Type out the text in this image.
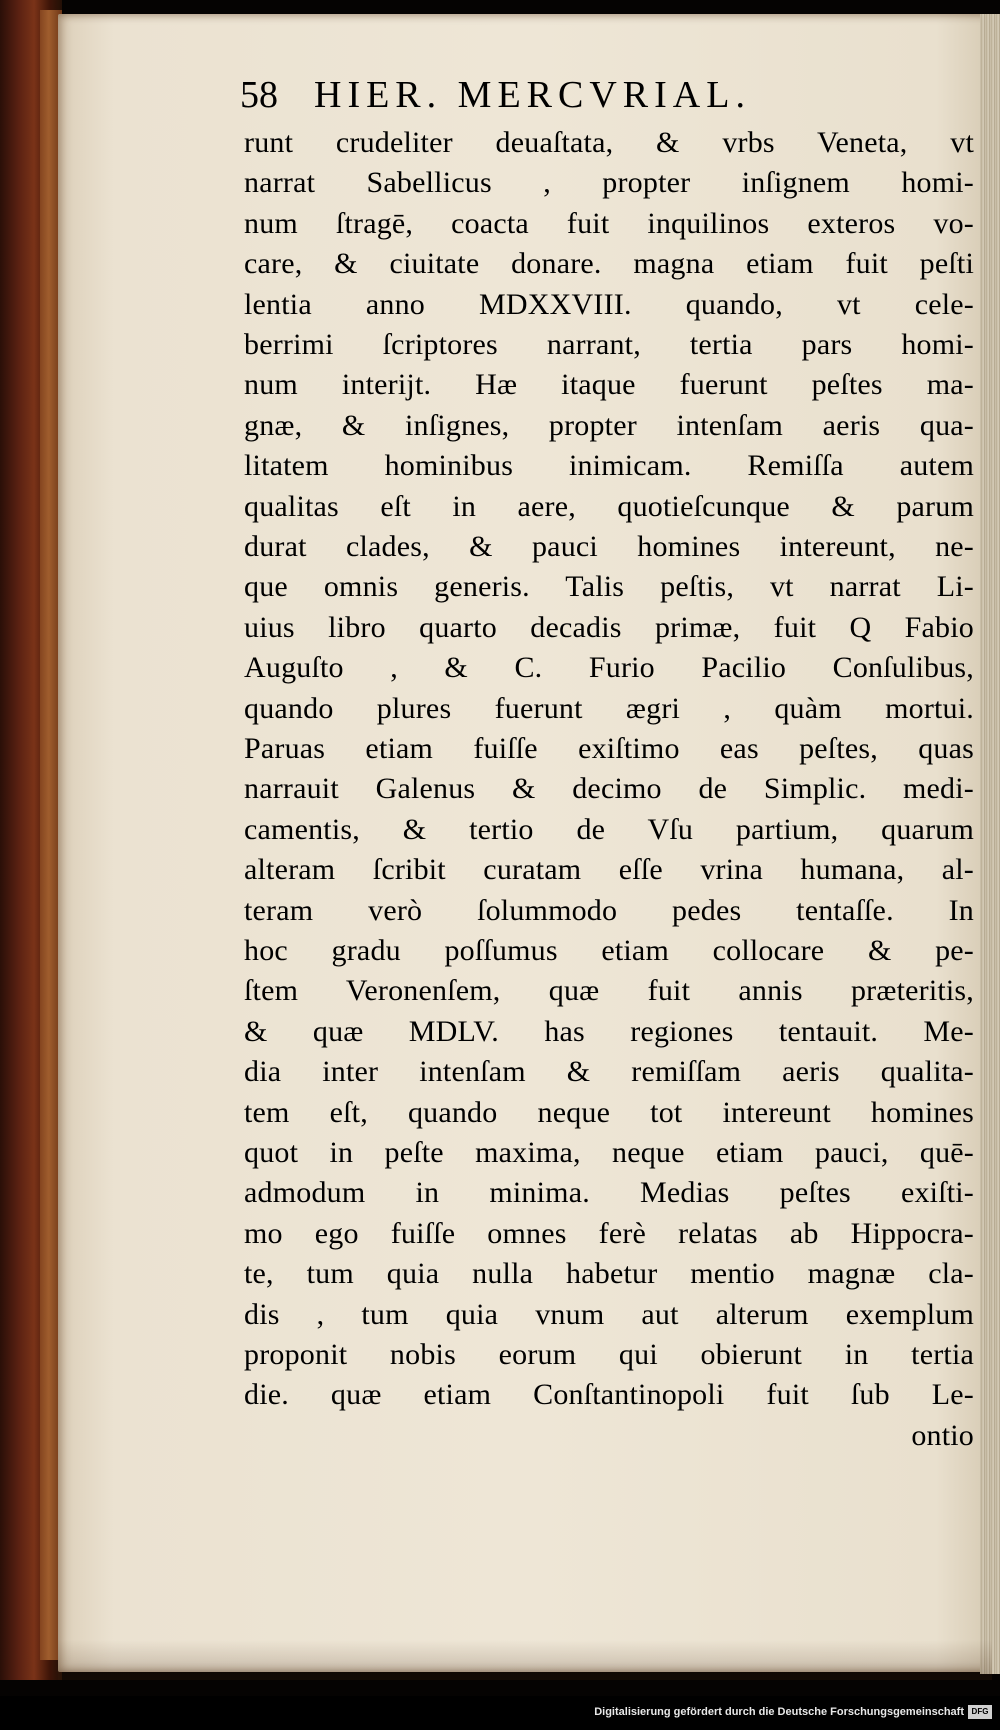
58 HIER. MERCVRIAL.
runt crudeliter deuaſtata, & vrbs Veneta, vt
narrat Sabellicus , propter inſignem homi-
num ſtragē, coacta fuit inquilinos exteros vo-
care, & ciuitate donare. magna etiam fuit peſti
lentia anno MDXXVIII. quando, vt cele-
berrimi ſcriptores narrant, tertia pars homi-
num interijt. Hæ itaque fuerunt peſtes ma-
gnæ, & inſignes, propter intenſam aeris qua-
litatem hominibus inimicam. Remiſſa autem
qualitas eſt in aere, quotieſcunque & parum
durat clades, & pauci homines intereunt, ne-
que omnis generis. Talis peſtis, vt narrat Li-
uius libro quarto decadis primæ, fuit Q Fabio
Auguſto , & C. Furio Pacilio Conſulibus,
quando plures fuerunt ægri , quàm mortui.
Paruas etiam fuiſſe exiſtimo eas peſtes, quas
narrauit Galenus & decimo de Simplic. medi-
camentis, & tertio de Vſu partium, quarum
alteram ſcribit curatam eſſe vrina humana, al-
teram verò ſolummodo pedes tentaſſe. In
hoc gradu poſſumus etiam collocare & pe-
ſtem Veronenſem, quæ fuit annis præteritis,
& quæ MDLV. has regiones tentauit. Me-
dia inter intenſam & remiſſam aeris qualita-
tem eſt, quando neque tot intereunt homines
quot in peſte maxima, neque etiam pauci, quē-
admodum in minima. Medias peſtes exiſti-
mo ego fuiſſe omnes ferè relatas ab Hippocra-
te, tum quia nulla habetur mentio magnæ cla-
dis , tum quia vnum aut alterum exemplum
proponit nobis eorum qui obierunt in tertia
die. quæ etiam Conſtantinopoli fuit ſub Le-
ontio
Digitalisierung gefördert durch die Deutsche Forschungsgemeinschaft DFG
